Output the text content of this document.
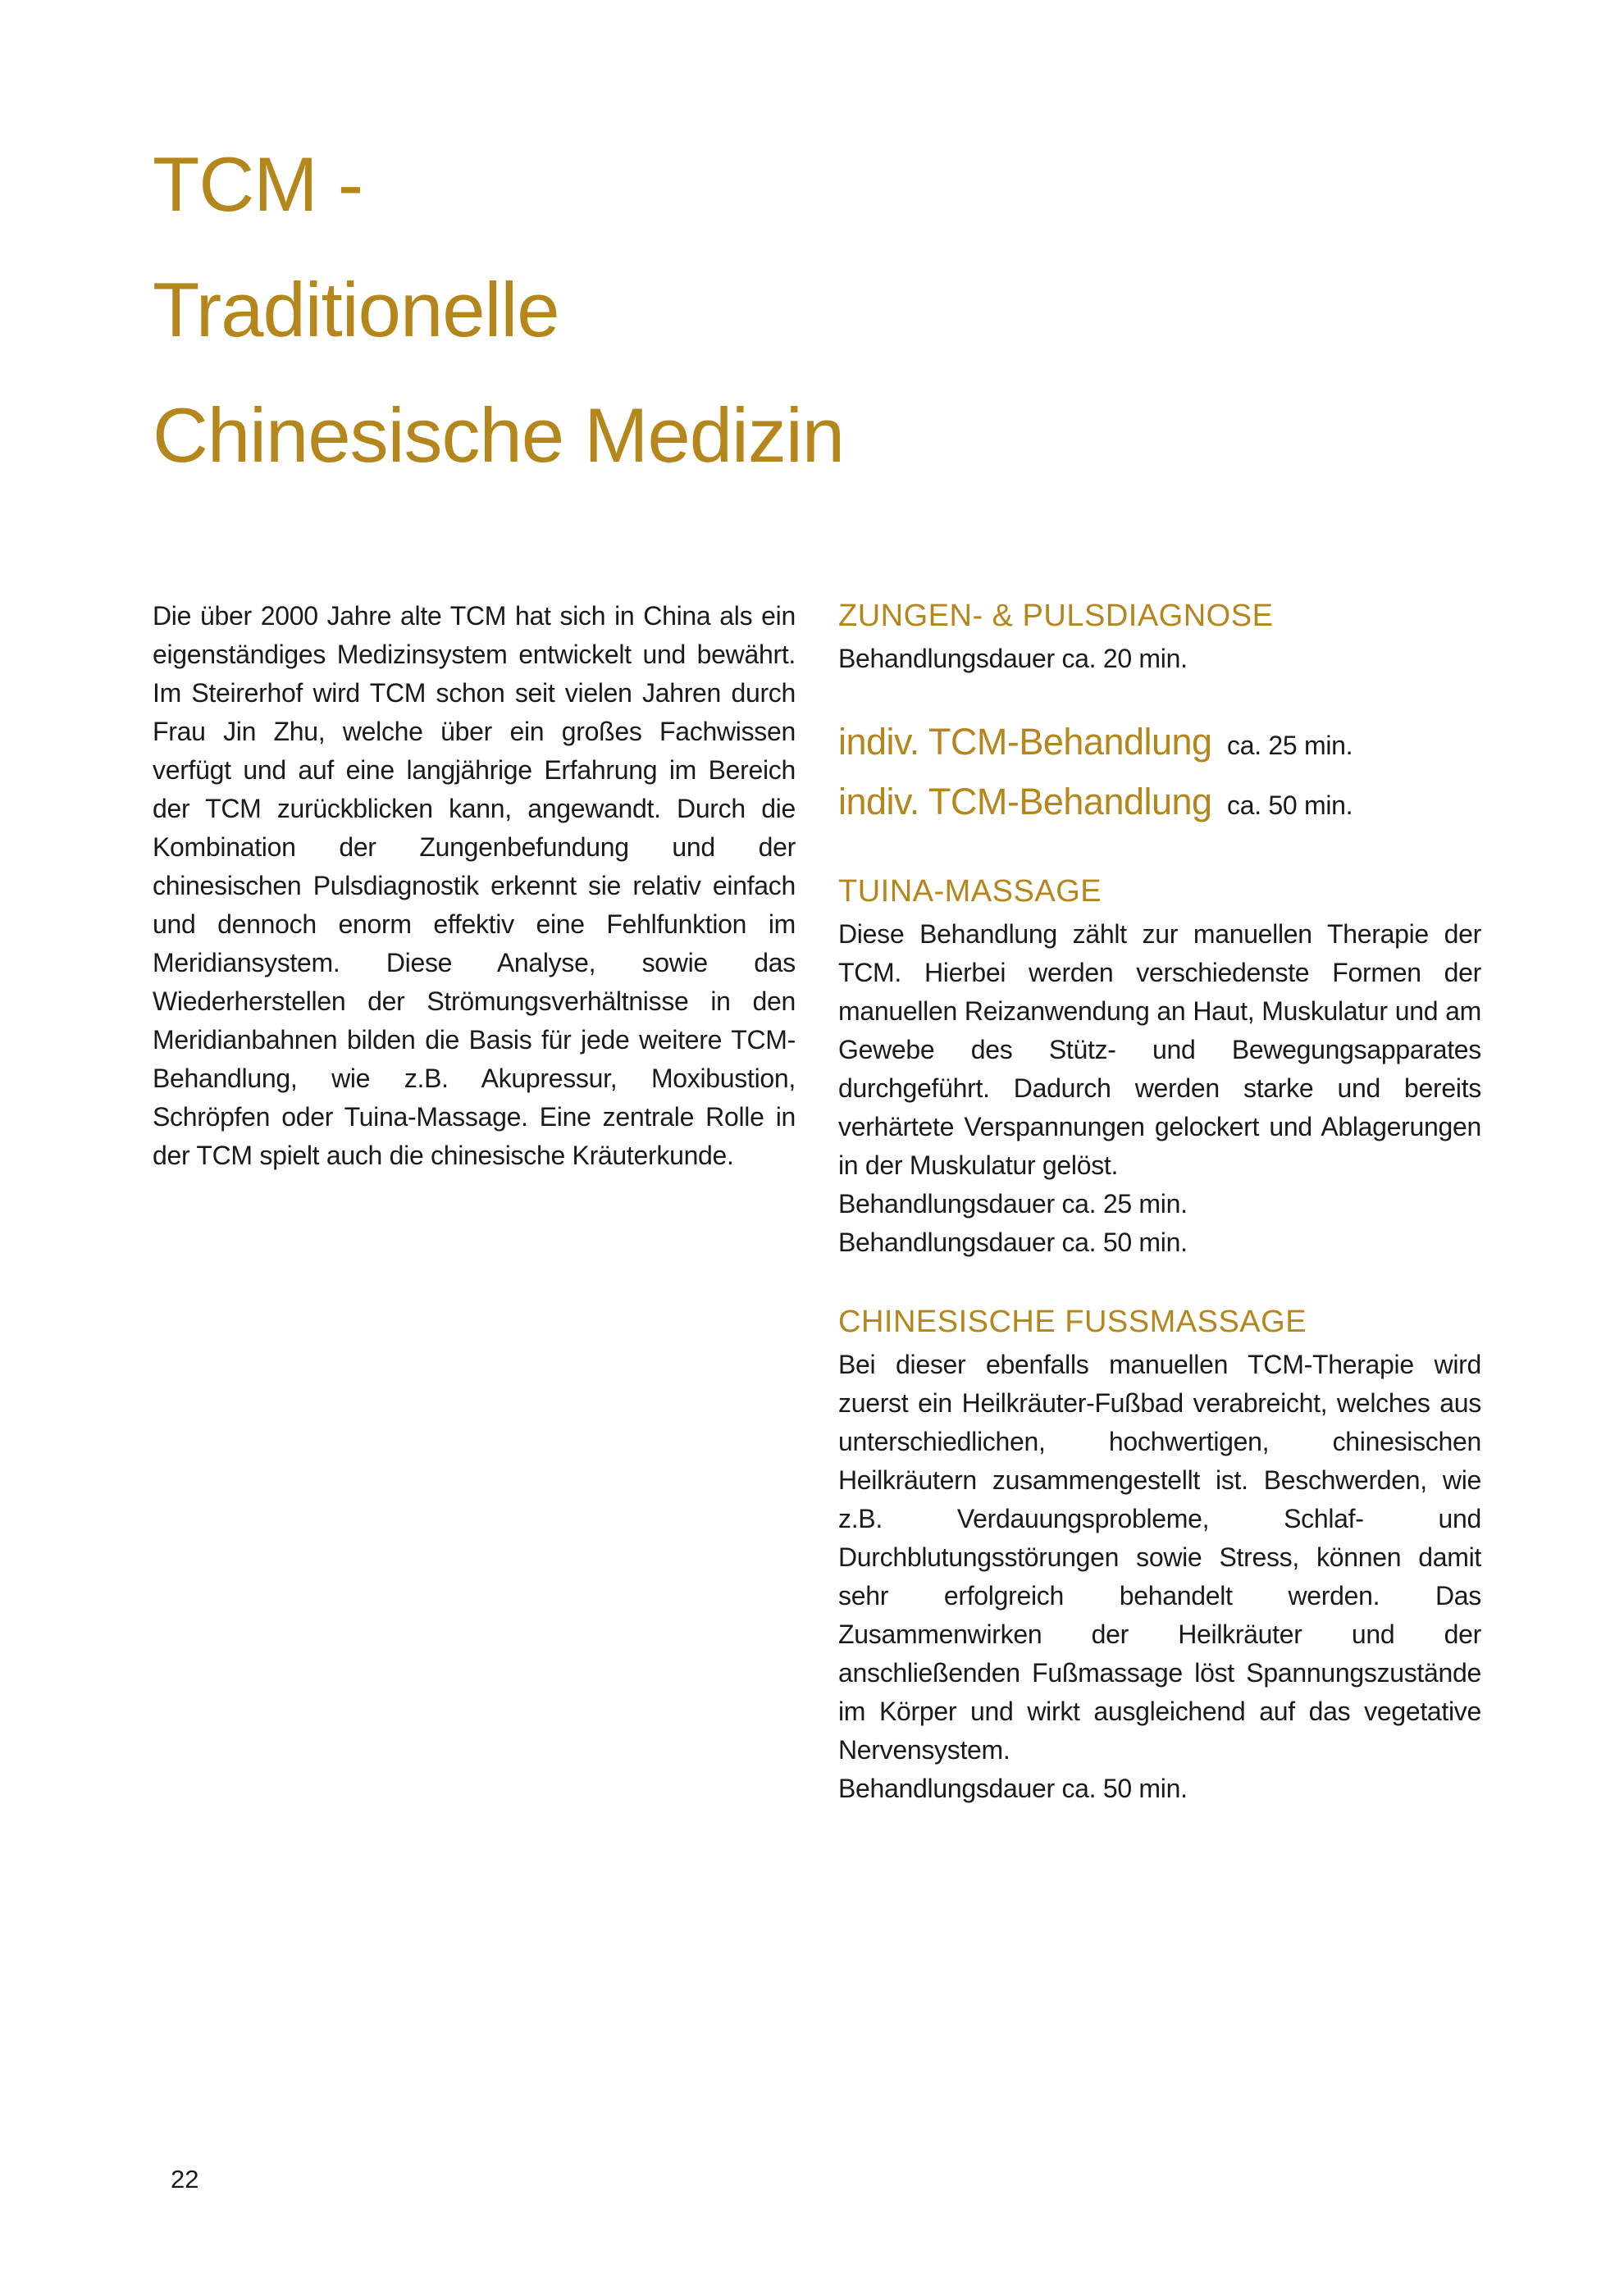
TCM -
Traditionelle
Chinesische Medizin

Die über 2000 Jahre alte TCM hat sich in China als ein eigenständiges Medizinsystem entwickelt und bewährt. Im Steirerhof wird TCM schon seit vielen Jahren durch Frau Jin Zhu, welche über ein großes Fachwissen verfügt und auf eine langjährige Erfahrung im Bereich der TCM zurückblicken kann, angewandt. Durch die Kombination der Zungenbefundung und der chinesischen Pulsdiagnostik erkennt sie relativ einfach und dennoch enorm effektiv eine Fehlfunktion im Meridiansystem. Diese Analyse, sowie das Wiederherstellen der Strömungsverhältnisse in den Meridianbahnen bilden die Basis für jede weitere TCM-Behandlung, wie z.B. Akupressur, Moxibustion, Schröpfen oder Tuina-Massage. Eine zentrale Rolle in der TCM spielt auch die chinesische Kräuterkunde.

ZUNGEN- & PULSDIAGNOSE

Behandlungsdauer ca. 20 min.

indiv. TCM-Behandlung ca. 25 min.
indiv. TCM-Behandlung ca. 50 min.
TUINA-MASSAGE

Diese Behandlung zählt zur manuellen Therapie der TCM. Hierbei werden verschiedenste Formen der manuellen Reizanwendung an Haut, Muskulatur und am Gewebe des Stütz- und Bewegungsapparates durchgeführt. Dadurch werden starke und bereits verhärtete Verspannungen gelockert und Ablagerungen in der Muskulatur gelöst.

Behandlungsdauer ca. 25 min.

Behandlungsdauer ca. 50 min.

CHINESISCHE FUSSMASSAGE

Bei dieser ebenfalls manuellen TCM-Therapie wird zuerst ein Heilkräuter-Fußbad verabreicht, welches aus unterschiedlichen, hochwertigen, chinesischen Heilkräutern zusammengestellt ist. Beschwerden, wie z.B. Verdauungsprobleme, Schlaf- und Durchblutungsstörungen sowie Stress, können damit sehr erfolgreich behandelt werden. Das Zusammenwirken der Heilkräuter und der anschließenden Fußmassage löst Spannungszustände im Körper und wirkt ausgleichend auf das vegetative Nervensystem.

Behandlungsdauer ca. 50 min.

22
